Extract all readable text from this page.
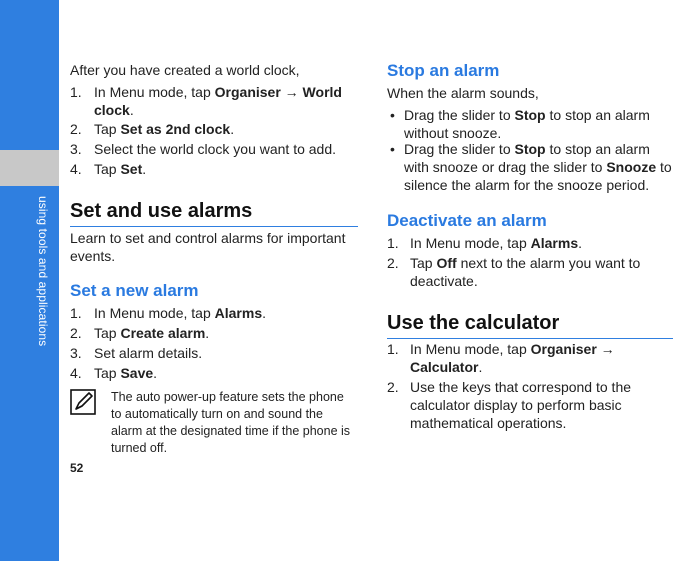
using tools and applications
52

After you have created a world clock,

1. In Menu mode, tap Organiser → World clock.
2. Tap Set as 2nd clock.
3. Select the world clock you want to add.
4. Tap Set.
Set and use alarms

Learn to set and control alarms for important events.

Set a new alarm
1. In Menu mode, tap Alarms.
2. Tap Create alarm.
3. Set alarm details.
4. Tap Save.

The auto power-up feature sets the phone to automatically turn on and sound the alarm at the designated time if the phone is turned off.

Stop an alarm

When the alarm sounds,

• Drag the slider to Stop to stop an alarm without snooze.
• Drag the slider to Stop to stop an alarm with snooze or drag the slider to Snooze to silence the alarm for the snooze period.
Deactivate an alarm
1. In Menu mode, tap Alarms.
2. Tap Off next to the alarm you want to deactivate.
Use the calculator
1. In Menu mode, tap Organiser → Calculator.
2. Use the keys that correspond to the calculator display to perform basic mathematical operations.
